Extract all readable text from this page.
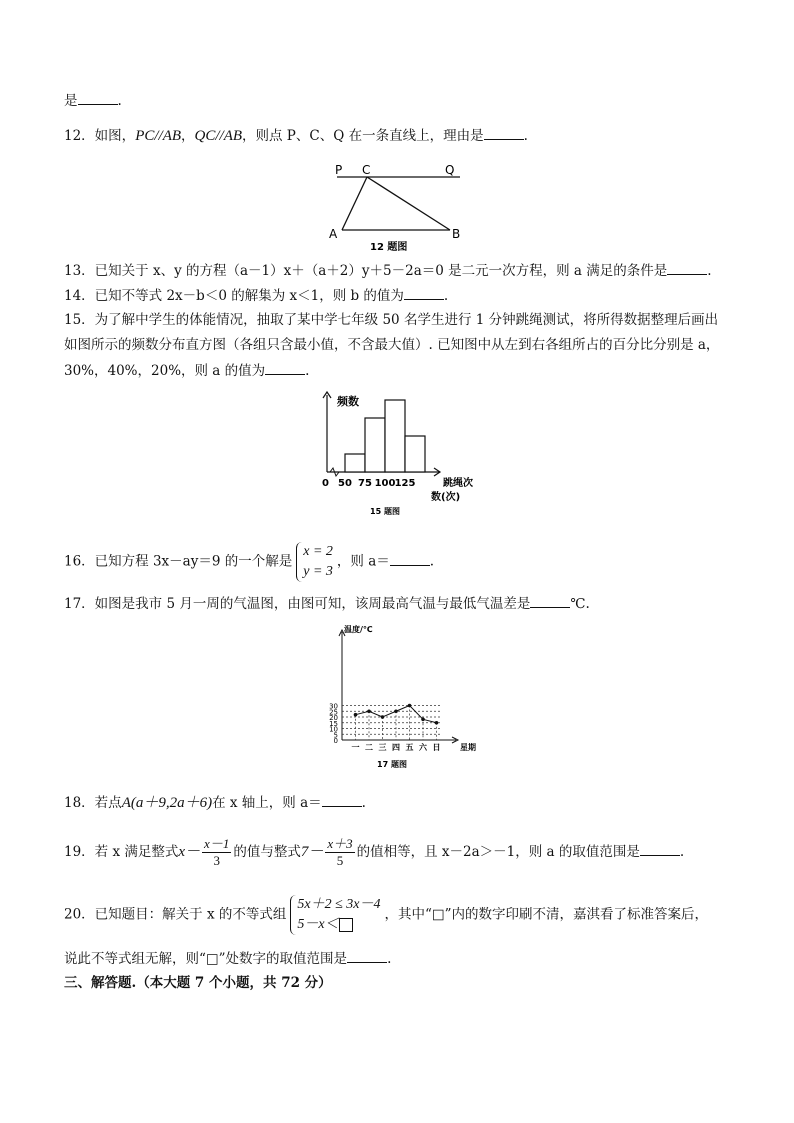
是	.
12．如图，PC//AB，QC//AB，则点 P、C、Q 在一条直线上，理由是	.
P C	Q
A	B
12 题图
13．已知关于 x、y 的方程（a－1）x＋（a＋2）y＋5－2a＝0 是二元一次方程，则 a 满足的条件是	.
14．已知不等式 2x－b＜0 的解集为 x＜1，则 b 的值为	.
15．为了解中学生的体能情况，抽取了某中学七年级 50 名学生进行 1 分钟跳绳测试，将所得数据整理后画出
如图所示的频数分布直方图（各组只含最小值，不含最大值）. 已知图中从左到右各组所占的百分比分别是 a，
30%，40%，20%，则 a 的值为	.
频数
0 50 75 100 125	跳绳次
数(次)
15 题图
16．已知方程 3x－ay＝9 的一个解是x = 2
y = 3，则 a＝	.
17．如图是我市 5 月一周的气温图，由图可知，该周最高气温与最低气温差是	℃.
0
5
10
15
20
25
30
一 二 三 四 五 六 日
温度/℃
星期
17 题图
18．若点A(a＋9,2a＋6)在 x 轴上，则 a＝	.
19．若 x 满足整式$x- \frac{x-1}{3}$ 的值与整式$7- \frac{x+3}{5}$ 的值相等，且 x－2a＞－1，则 a 的取值范围是	.
20．已知题目：解关于 x 的不等式组5x＋2 ≤ 3x－4
5－x＜，其中“□”内的数字印刷不清，嘉淇看了标准答案后，
说此不等式组无解，则“□”处数字的取值范围是	.
三、解答题.（本大题 7 个小题，共 72 分）
